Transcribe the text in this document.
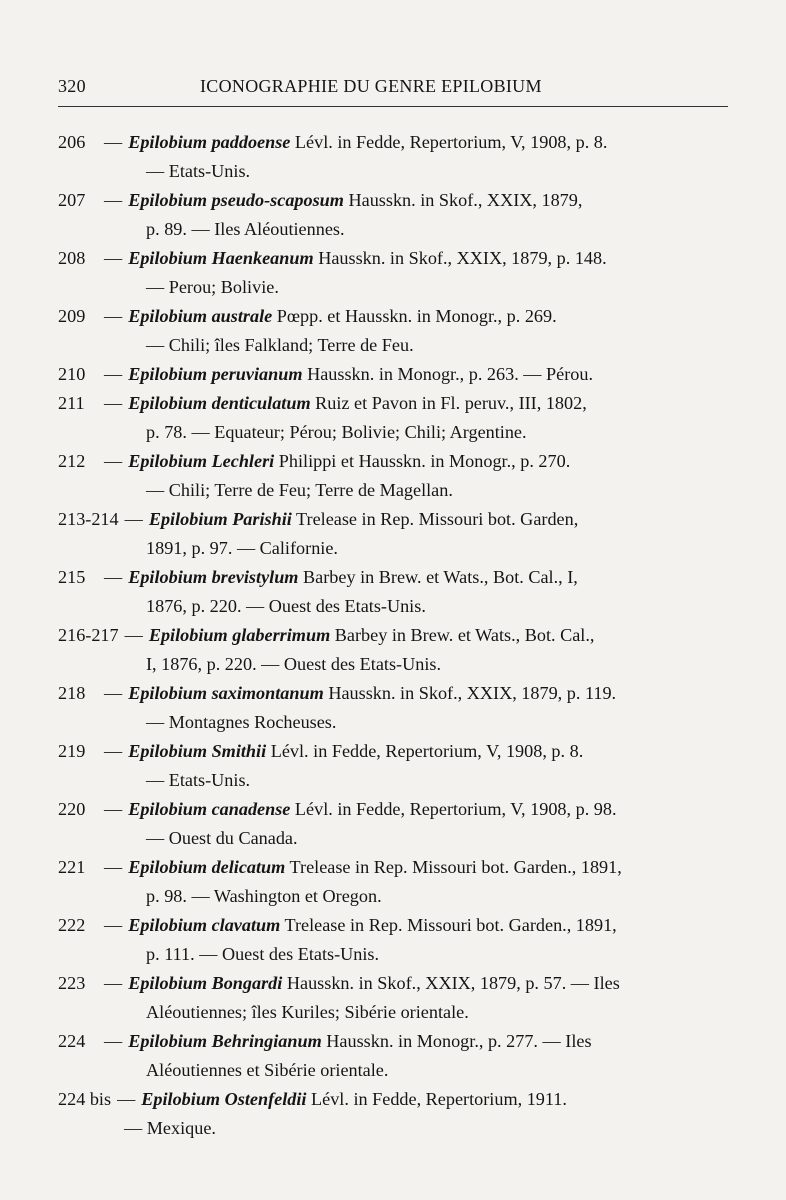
320	ICONOGRAPHIE DU GENRE EPILOBIUM
206 — Epilobium paddoense Lévl. in Fedde, Repertorium, V, 1908, p. 8.
— Etats-Unis.
207 — Epilobium pseudo-scaposum Hausskn. in Skof., XXIX, 1879,
p. 89. — Iles Aléoutiennes.
208 — Epilobium Haenkeanum Hausskn. in Skof., XXIX, 1879, p. 148.
— Perou; Bolivie.
209 — Epilobium australe Pœpp. et Hausskn. in Monogr., p. 269.
— Chili; îles Falkland; Terre de Feu.
210 — Epilobium peruvianum Hausskn. in Monogr., p. 263. — Pérou.
211 — Epilobium denticulatum Ruiz et Pavon in Fl. peruv., III, 1802,
p. 78. — Equateur; Pérou; Bolivie; Chili; Argentine.
212 — Epilobium Lechleri Philippi et Hausskn. in Monogr., p. 270.
— Chili; Terre de Feu; Terre de Magellan.
213-214 — Epilobium Parishii Trelease in Rep. Missouri bot. Garden,
1891, p. 97. — Californie.
215 — Epilobium brevistylum Barbey in Brew. et Wats., Bot. Cal., I,
1876, p. 220. — Ouest des Etats-Unis.
216-217 — Epilobium glaberrimum Barbey in Brew. et Wats., Bot. Cal.,
I, 1876, p. 220. — Ouest des Etats-Unis.
218 — Epilobium saximontanum Hausskn. in Skof., XXIX, 1879, p. 119.
— Montagnes Rocheuses.
219 — Epilobium Smithii Lévl. in Fedde, Repertorium, V, 1908, p. 8.
— Etats-Unis.
220 — Epilobium canadense Lévl. in Fedde, Repertorium, V, 1908, p. 98.
— Ouest du Canada.
221 — Epilobium delicatum Trelease in Rep. Missouri bot. Garden., 1891,
p. 98. — Washington et Oregon.
222 — Epilobium clavatum Trelease in Rep. Missouri bot. Garden., 1891,
p. 111. — Ouest des Etats-Unis.
223 — Epilobium Bongardi Hausskn. in Skof., XXIX, 1879, p. 57. — Iles
Aléoutiennes; îles Kuriles; Sibérie orientale.
224 — Epilobium Behringianum Hausskn. in Monogr., p. 277. — Iles
Aléoutiennes et Sibérie orientale.
224 bis — Epilobium Ostenfeldii Lévl. in Fedde, Repertorium, 1911.
— Mexique.
